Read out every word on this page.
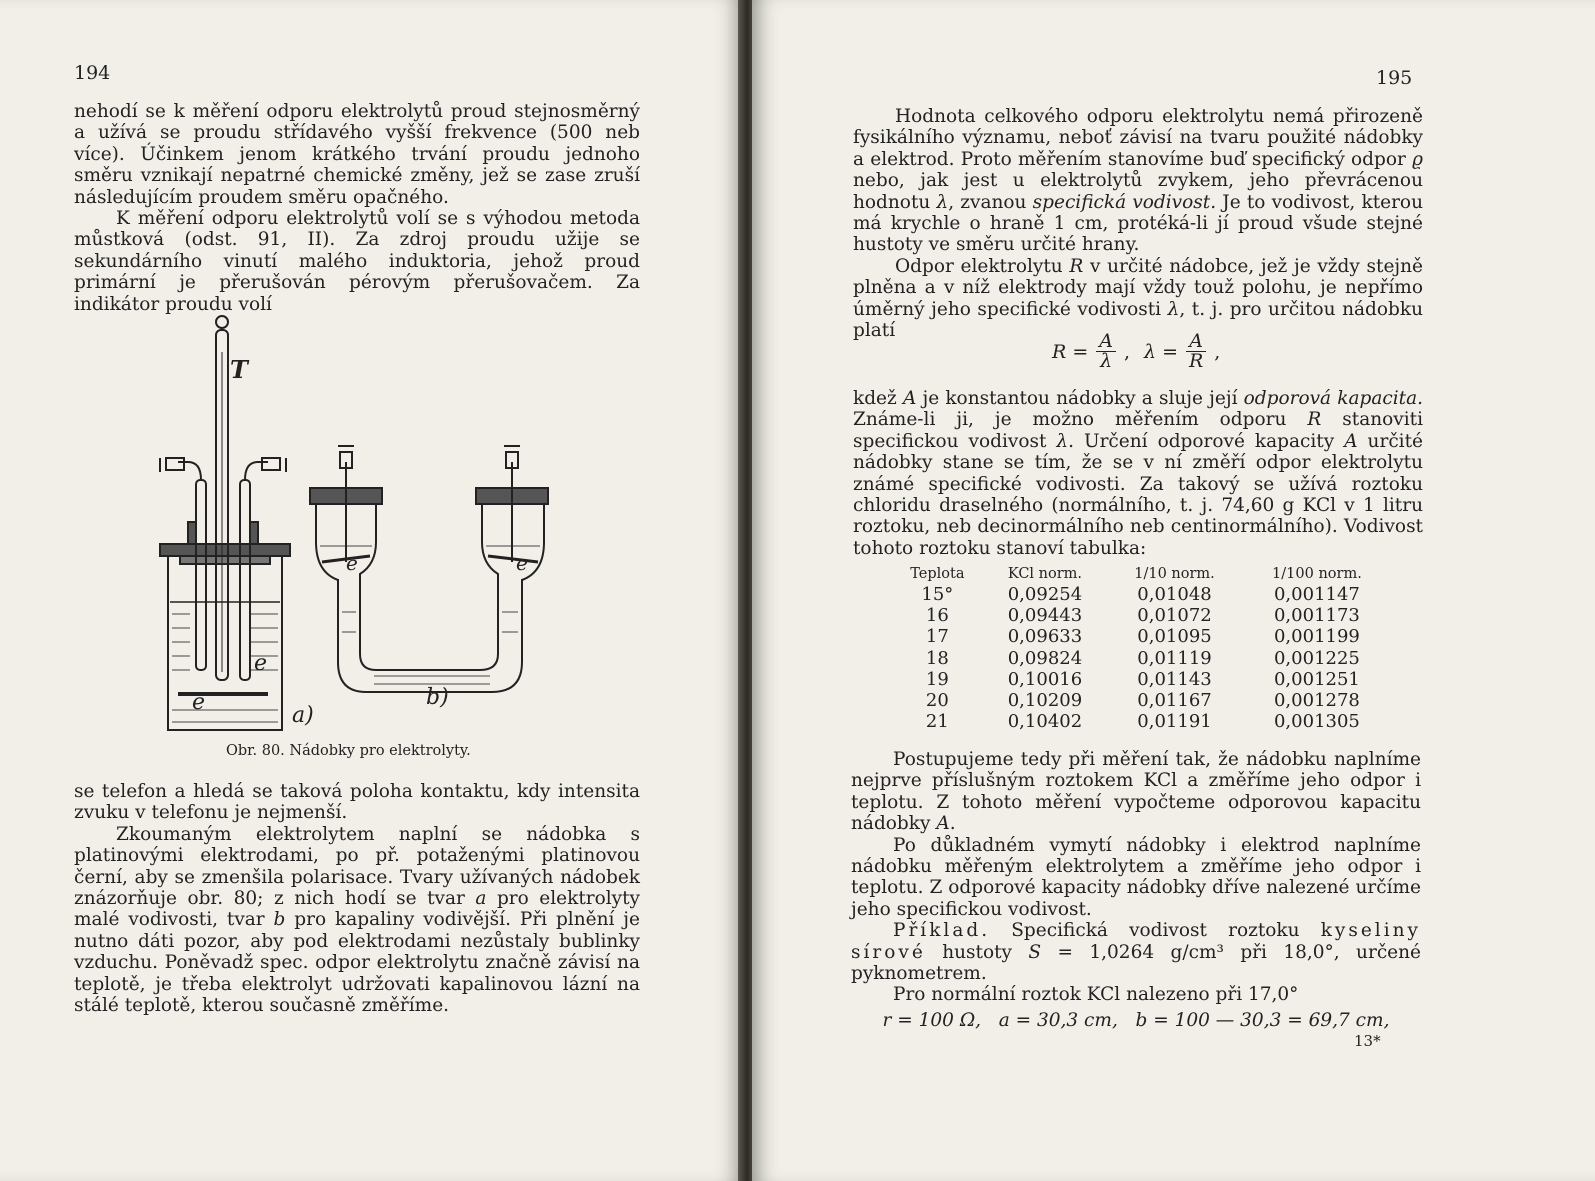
194

nehodí se k měření odporu elektrolytů proud stejnosměrný a užívá se proudu střídavého vyšší frekvence (500 neb více). Účinkem jenom krátkého trvání proudu jednoho směru vznikají nepatrné chemické změny, jež se zase zruší následujícím proudem směru opačného.

K měření odporu elektrolytů volí se s výhodou metoda můstková (odst. 91, II). Za zdroj proudu užije se sekundárního vinutí malého induktoria, jehož proud primární je přerušován pérovým přerušovačem. Za indikátor proudu volí

T
e
e
a)
e	e
b)
Obr. 80. Nádobky pro elektrolyty.

se telefon a hledá se taková poloha kontaktu, kdy intensita zvuku v telefonu je nejmenší.

Zkoumaným elektrolytem naplní se nádobka s platinovými elektrodami, po př. potaženými platinovou černí, aby se zmenšila polarisace. Tvary užívaných nádobek znázorňuje obr. 80; z nich hodí se tvar a pro elektrolyty malé vodivosti, tvar b pro kapaliny vodivější. Při plnění je nutno dáti pozor, aby pod elektrodami nezůstaly bublinky vzduchu. Poněvadž spec. odpor elektrolytu značně závisí na teplotě, je třeba elektrolyt udržovati kapalinovou lázní na stálé teplotě, kterou současně změříme.

195

Hodnota celkového odporu elektrolytu nemá přirozeně fysikálního významu, neboť závisí na tvaru použité nádobky a elektrod. Proto měřením stanovíme buď specifický odpor ϱ nebo, jak jest u elektrolytů zvykem, jeho převrácenou hodnotu λ, zvanou specifická vodivost. Je to vodivost, kterou má krychle o hraně 1 cm, protéká-li jí proud všude stejné hustoty ve směru určité hrany.

Odpor elektrolytu R v určité nádobce, jež je vždy stejně plněna a v níž elektrody mají vždy touž polohu, je nepřímo úměrný jeho specifické vodivosti λ, t. j. pro určitou nádobku platí

$R = \frac{A}{\lambda}$ , $\lambda = \frac{A}{R}$ ,

kdež A je konstantou nádobky a sluje její odporová kapacita. Známe-li ji, je možno měřením odporu R stanoviti specifickou vodivost λ. Určení odporové kapacity A určité nádobky stane se tím, že se v ní změří odpor elektrolytu známé specifické vodivosti. Za takový se užívá roztoku chloridu draselného (normálního, t. j. 74,60 g KCl v 1 litru roztoku, neb decinormálního neb centinormálního). Vodivost tohoto roztoku stanoví tabulka:

Teplota	KCl norm.	1/10 norm.	1/100 norm.
15°	0,09254	0,01048	0,001147
16	0,09443	0,01072	0,001173
17	0,09633	0,01095	0,001199
18	0,09824	0,01119	0,001225
19	0,10016	0,01143	0,001251
20	0,10209	0,01167	0,001278
21	0,10402	0,01191	0,001305

Postupujeme tedy při měření tak, že nádobku naplníme nejprve příslušným roztokem KCl a změříme jeho odpor i teplotu. Z tohoto měření vypočteme odporovou kapacitu nádobky A.

Po důkladném vymytí nádobky i elektrod naplníme nádobku měřeným elektrolytem a změříme jeho odpor i teplotu. Z odporové kapacity nádobky dříve nalezené určíme jeho specifickou vodivost.

Příklad. Specifická vodivost roztoku kyseliny sírové hustoty S = 1,0264 g/cm³ při 18,0°, určené pyknometrem.

Pro normální roztok KCl nalezeno při 17,0°

r = 100 Ω,   a = 30,3 cm,   b = 100 — 30,3 = 69,7 cm,

13*
